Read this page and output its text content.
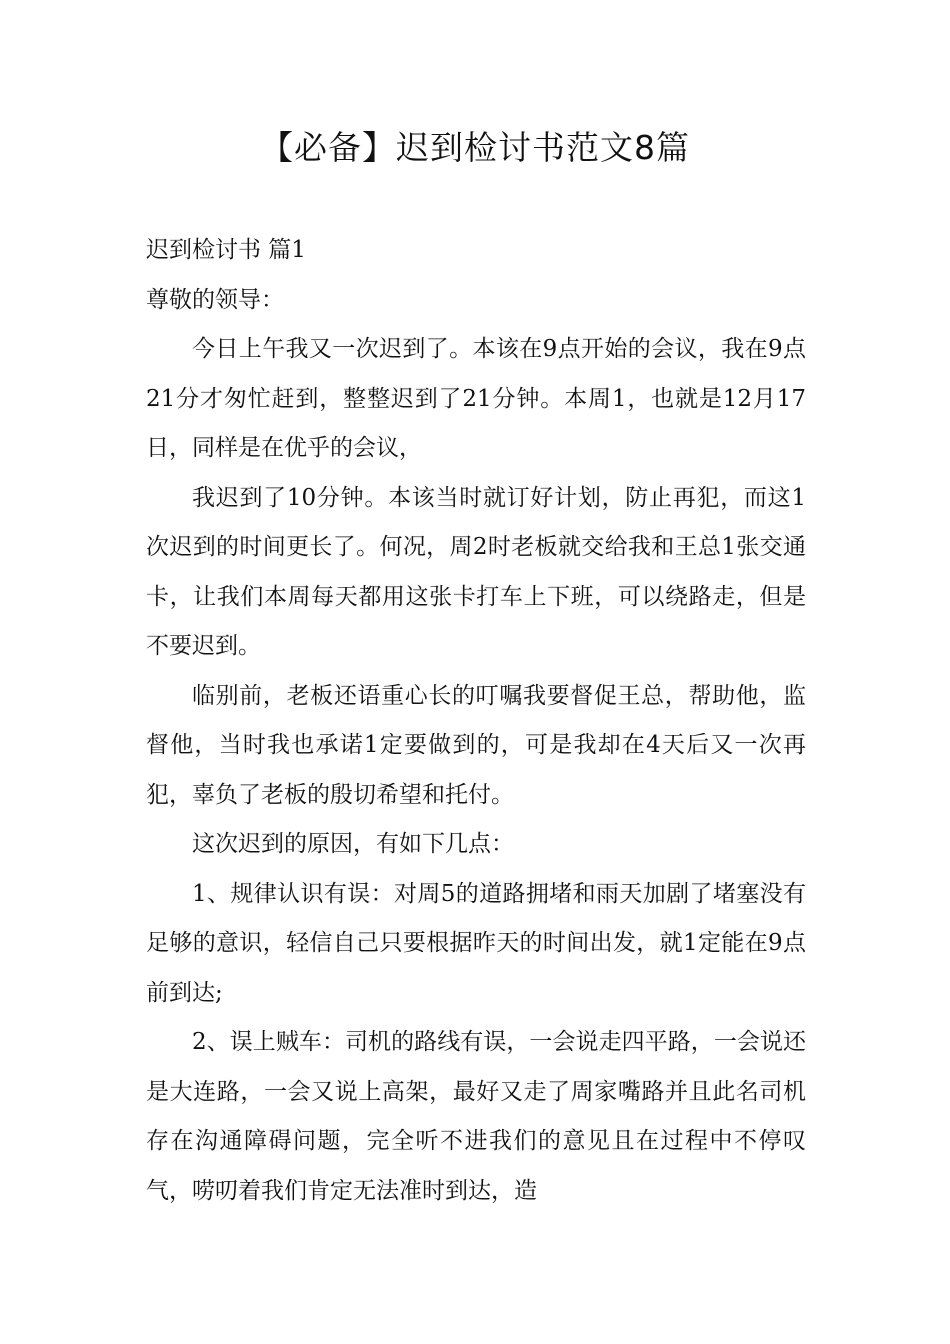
【必备】迟到检讨书范文8篇

迟到检讨书 篇1

尊敬的领导：

今日上午我又一次迟到了。本该在9点开始的会议，我在9点21分才匆忙赶到，整整迟到了21分钟。本周1，也就是12月17日，同样是在优乎的会议，

我迟到了10分钟。本该当时就订好计划，防止再犯，而这1次迟到的时间更长了。何况，周2时老板就交给我和王总1张交通卡，让我们本周每天都用这张卡打车上下班，可以绕路走，但是不要迟到。

临别前，老板还语重心长的叮嘱我要督促王总，帮助他，监督他，当时我也承诺1定要做到的，可是我却在4天后又一次再犯，辜负了老板的殷切希望和托付。

这次迟到的原因，有如下几点：

1、规律认识有误：对周5的道路拥堵和雨天加剧了堵塞没有足够的意识，轻信自己只要根据昨天的时间出发，就1定能在9点前到达;

2、误上贼车：司机的路线有误，一会说走四平路，一会说还是大连路，一会又说上高架，最好又走了周家嘴路并且此名司机存在沟通障碍问题，完全听不进我们的意见且在过程中不停叹气，唠叨着我们肯定无法准时到达，造
